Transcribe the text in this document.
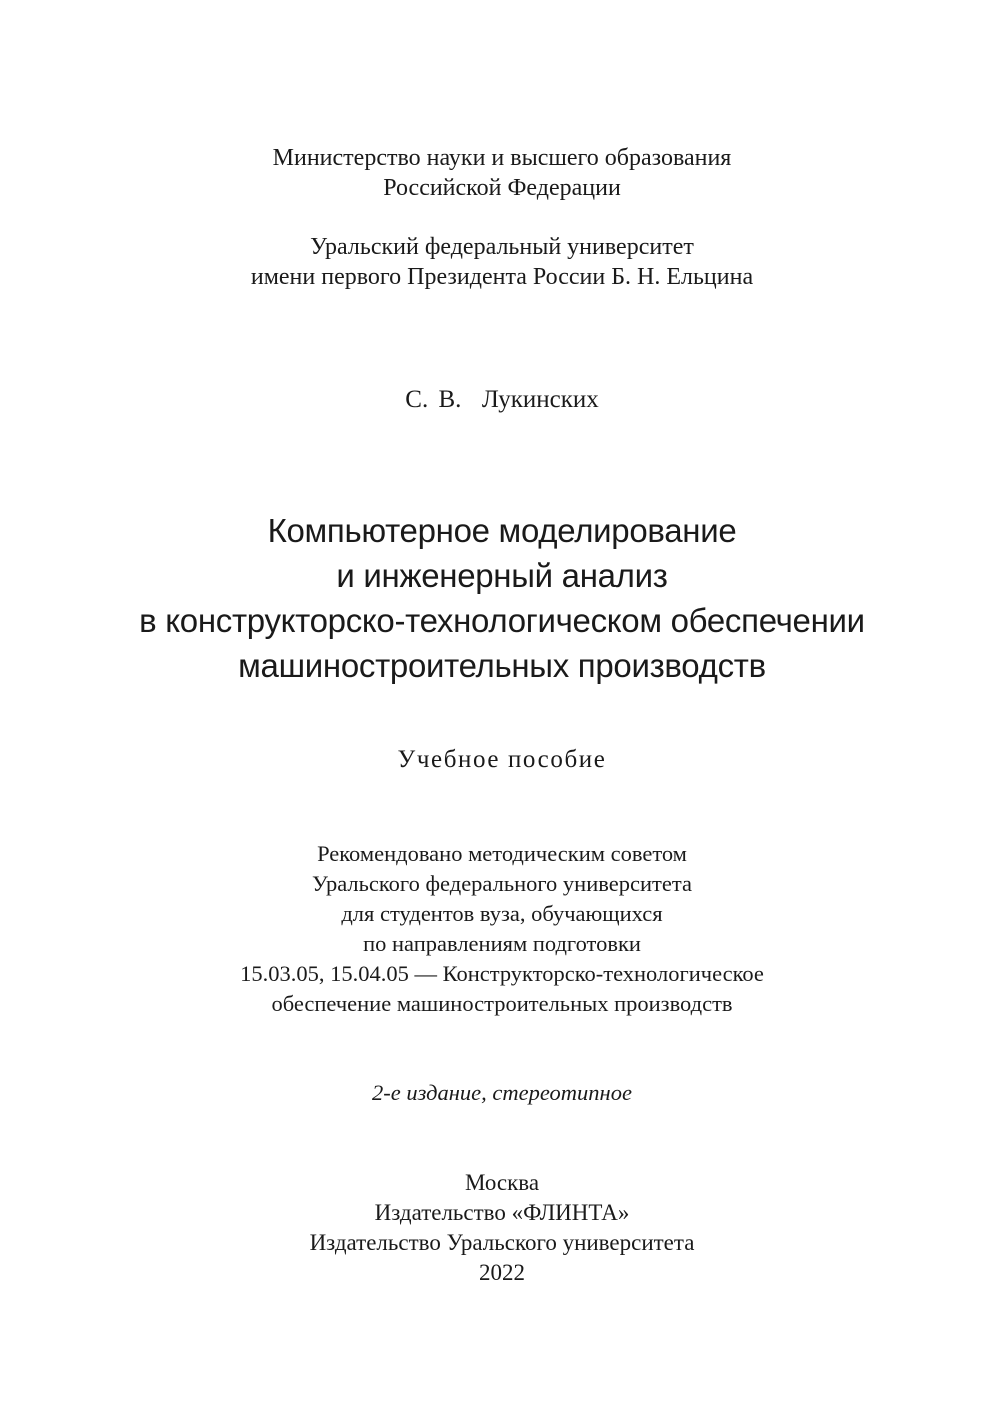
Министерство науки и высшего образования
Российской Федерации
Уральский федеральный университет
имени первого Президента России Б. Н. Ельцина
С. В.  Лукинских
Компьютерное моделирование
и инженерный анализ
в конструкторско-технологическом обеспечении
машиностроительных производств
Учебное пособие
Рекомендовано методическим советом
Уральского федерального университета
для студентов вуза, обучающихся
по направлениям подготовки
15.03.05, 15.04.05 — Конструкторско-технологическое
обеспечение машиностроительных производств
2-е издание, стереотипное
Москва
Издательство «ФЛИНТА»
Издательство Уральского университета
2022
